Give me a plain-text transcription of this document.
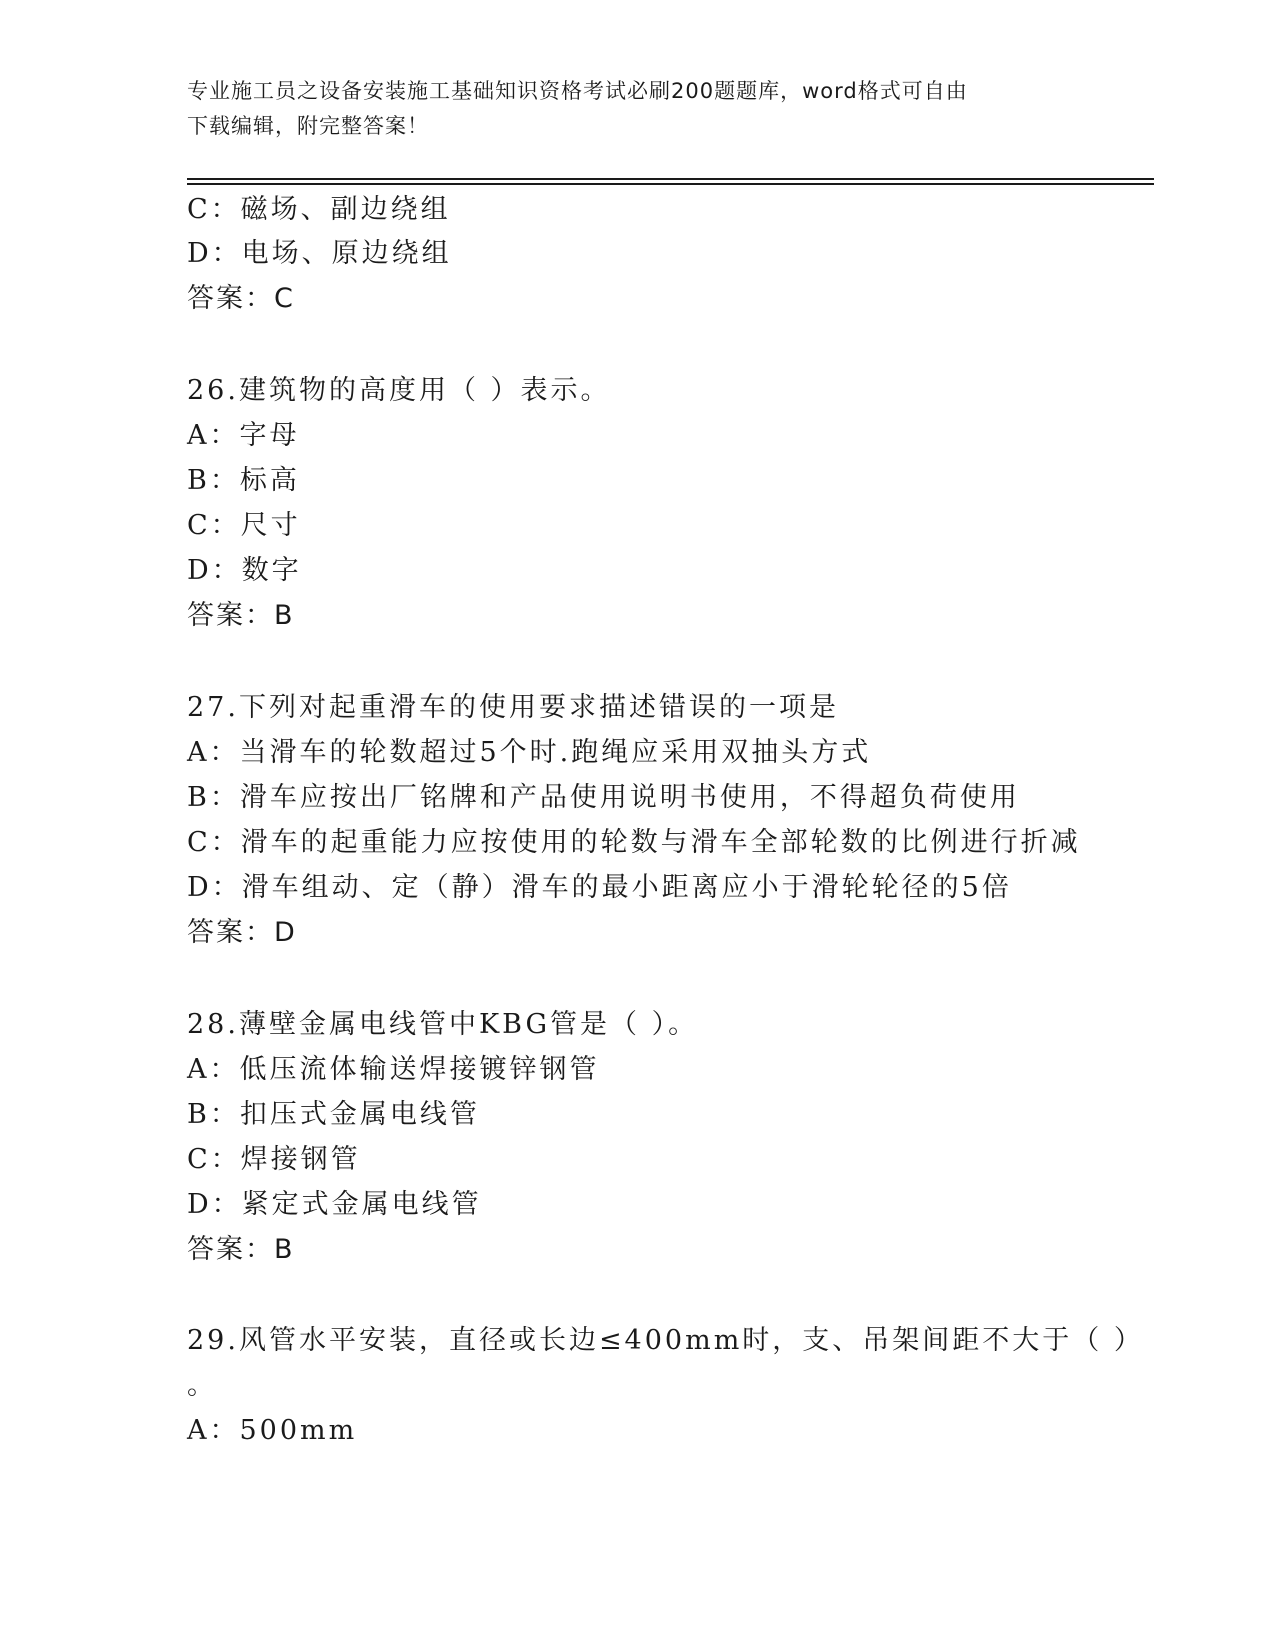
专业施工员之设备安装施工基础知识资格考试必刷200题题库，word格式可自由
下载编辑，附完整答案！
C：磁场、副边绕组
D：电场、原边绕组
答案：C
26.建筑物的高度用（ ）表示。
A：字母
B：标高
C：尺寸
D：数字
答案：B
27.下列对起重滑车的使用要求描述错误的一项是
A：当滑车的轮数超过5个时.跑绳应采用双抽头方式
B：滑车应按出厂铭牌和产品使用说明书使用，不得超负荷使用
C：滑车的起重能力应按使用的轮数与滑车全部轮数的比例进行折减
D：滑车组动、定（静）滑车的最小距离应小于滑轮轮径的5倍
答案：D
28.薄壁金属电线管中KBG管是（ ）。
A：低压流体输送焊接镀锌钢管
B：扣压式金属电线管
C：焊接钢管
D：紧定式金属电线管
答案：B
29.风管水平安装，直径或长边≤400mm时，支、吊架间距不大于（ ）
。
A：500mm
